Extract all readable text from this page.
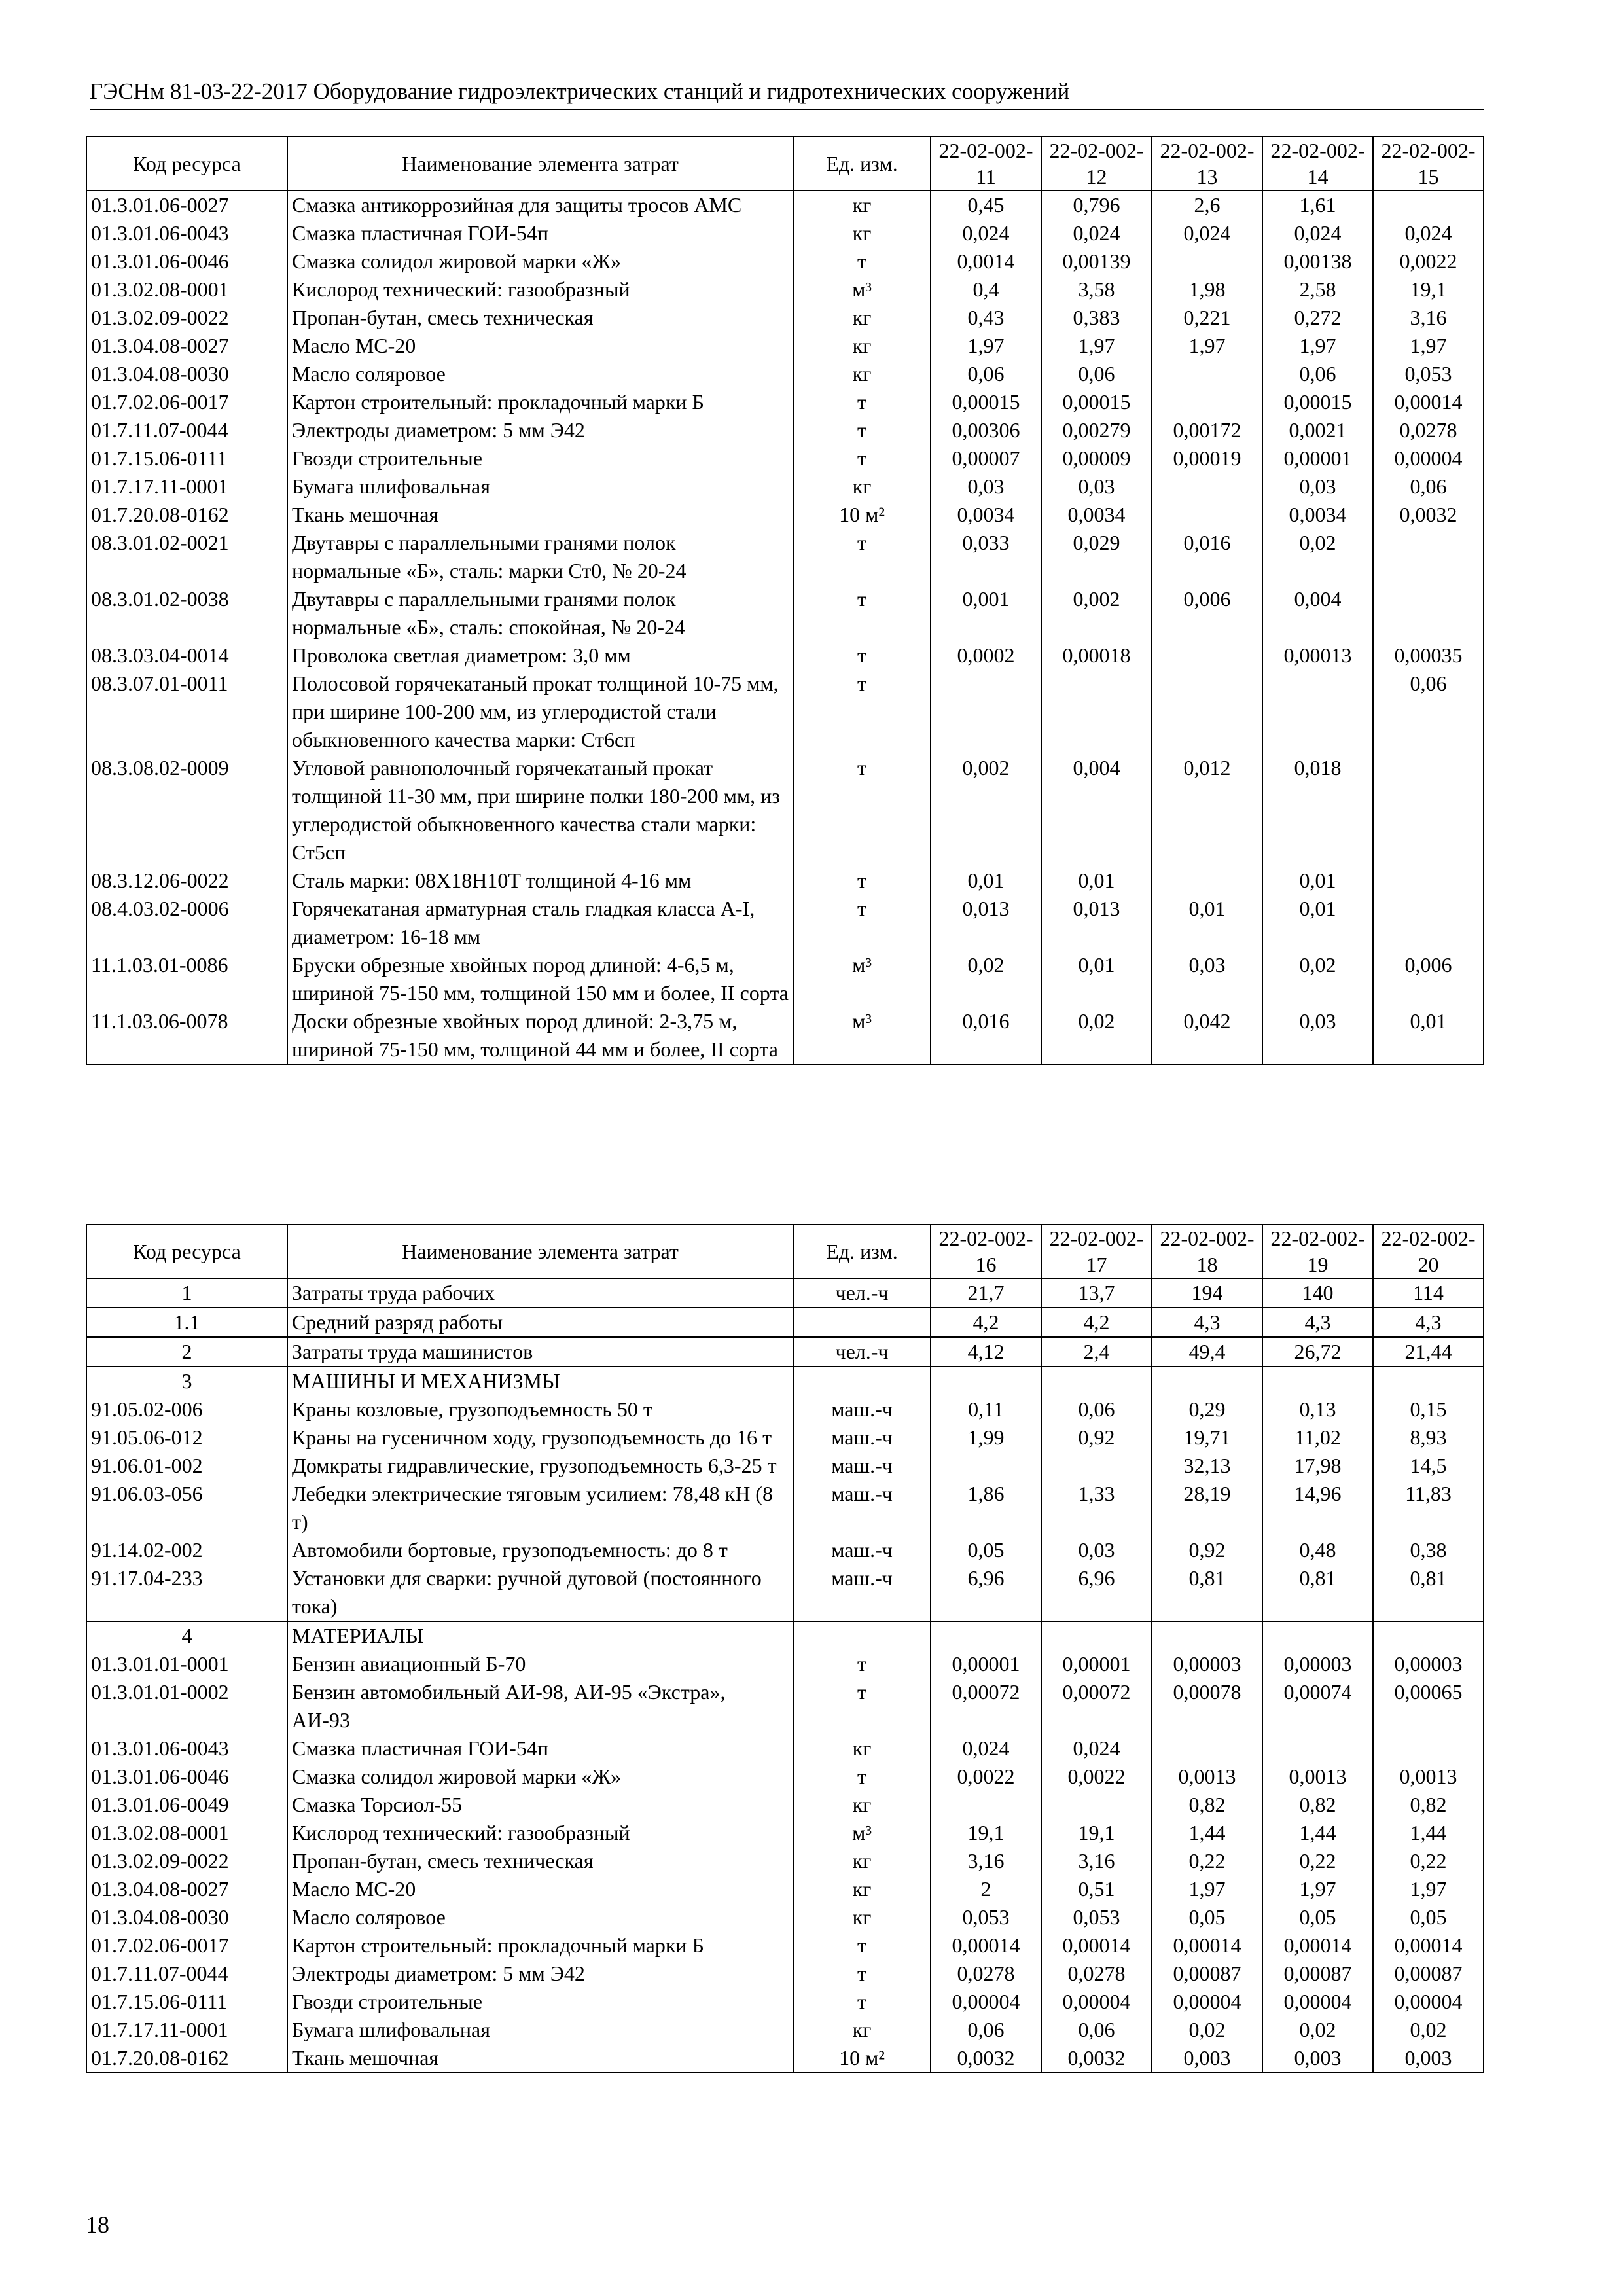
ГЭСНм 81-03-22-2017 Оборудование гидроэлектрических станций и гидротехнических сооружений
Код ресурса	Наименование элемента затрат	Ед. изм.	22-02-002-11	22-02-002-12	22-02-002-13	22-02-002-14	22-02-002-15
01.3.01.06-0027	Смазка антикоррозийная для защиты тросов АМС	кг	0,45	0,796	2,6	1,61	
01.3.01.06-0043	Смазка пластичная ГОИ-54п	кг	0,024	0,024	0,024	0,024	0,024
01.3.01.06-0046	Смазка солидол жировой марки «Ж»	т	0,0014	0,00139		0,00138	0,0022
01.3.02.08-0001	Кислород технический: газообразный	м³	0,4	3,58	1,98	2,58	19,1
01.3.02.09-0022	Пропан-бутан, смесь техническая	кг	0,43	0,383	0,221	0,272	3,16
01.3.04.08-0027	Масло МС-20	кг	1,97	1,97	1,97	1,97	1,97
01.3.04.08-0030	Масло соляровое	кг	0,06	0,06		0,06	0,053
01.7.02.06-0017	Картон строительный: прокладочный марки Б	т	0,00015	0,00015		0,00015	0,00014
01.7.11.07-0044	Электроды диаметром: 5 мм Э42	т	0,00306	0,00279	0,00172	0,0021	0,0278
01.7.15.06-0111	Гвозди строительные	т	0,00007	0,00009	0,00019	0,00001	0,00004
01.7.17.11-0001	Бумага шлифовальная	кг	0,03	0,03		0,03	0,06
01.7.20.08-0162	Ткань мешочная	10 м²	0,0034	0,0034		0,0034	0,0032
08.3.01.02-0021	Двутавры с параллельными гранями полок нормальные «Б», сталь: марки Ст0, № 20-24	т	0,033	0,029	0,016	0,02	
08.3.01.02-0038	Двутавры с параллельными гранями полок нормальные «Б», сталь: спокойная, № 20-24	т	0,001	0,002	0,006	0,004	
08.3.03.04-0014	Проволока светлая диаметром: 3,0 мм	т	0,0002	0,00018		0,00013	0,00035
08.3.07.01-0011	Полосовой горячекатаный прокат толщиной 10-75 мм, при ширине 100-200 мм, из углеродистой стали обыкновенного качества марки: Ст6сп	т					0,06
08.3.08.02-0009	Угловой равнополочный горячекатаный прокат толщиной 11-30 мм, при ширине полки 180-200 мм, из углеродистой обыкновенного качества стали марки: Ст5сп	т	0,002	0,004	0,012	0,018	
08.3.12.06-0022	Сталь марки: 08Х18Н10Т толщиной 4-16 мм	т	0,01	0,01		0,01	
08.4.03.02-0006	Горячекатаная арматурная сталь гладкая класса А-I, диаметром: 16-18 мм	т	0,013	0,013	0,01	0,01	
11.1.03.01-0086	Бруски обрезные хвойных пород длиной: 4-6,5 м, шириной 75-150 мм, толщиной 150 мм и более, II сорта	м³	0,02	0,01	0,03	0,02	0,006
11.1.03.06-0078	Доски обрезные хвойных пород длиной: 2-3,75 м, шириной 75-150 мм, толщиной 44 мм и более, II сорта	м³	0,016	0,02	0,042	0,03	0,01
Код ресурса	Наименование элемента затрат	Ед. изм.	22-02-002-16	22-02-002-17	22-02-002-18	22-02-002-19	22-02-002-20
1	Затраты труда рабочих	чел.-ч	21,7	13,7	194	140	114
1.1	Средний разряд работы		4,2	4,2	4,3	4,3	4,3
2	Затраты труда машинистов	чел.-ч	4,12	2,4	49,4	26,72	21,44
3	МАШИНЫ И МЕХАНИЗМЫ						
91.05.02-006	Краны козловые, грузоподъемность 50 т	маш.-ч	0,11	0,06	0,29	0,13	0,15
91.05.06-012	Краны на гусеничном ходу, грузоподъемность до 16 т	маш.-ч	1,99	0,92	19,71	11,02	8,93
91.06.01-002	Домкраты гидравлические, грузоподъемность 6,3-25 т	маш.-ч			32,13	17,98	14,5
91.06.03-056	Лебедки электрические тяговым усилием: 78,48 кН (8 т)	маш.-ч	1,86	1,33	28,19	14,96	11,83
91.14.02-002	Автомобили бортовые, грузоподъемность: до 8 т	маш.-ч	0,05	0,03	0,92	0,48	0,38
91.17.04-233	Установки для сварки: ручной дуговой (постоянного тока)	маш.-ч	6,96	6,96	0,81	0,81	0,81
4	МАТЕРИАЛЫ						
01.3.01.01-0001	Бензин авиационный Б-70	т	0,00001	0,00001	0,00003	0,00003	0,00003
01.3.01.01-0002	Бензин автомобильный АИ-98, АИ-95 «Экстра», АИ-93	т	0,00072	0,00072	0,00078	0,00074	0,00065
01.3.01.06-0043	Смазка пластичная ГОИ-54п	кг	0,024	0,024			
01.3.01.06-0046	Смазка солидол жировой марки «Ж»	т	0,0022	0,0022	0,0013	0,0013	0,0013
01.3.01.06-0049	Смазка Торсиол-55	кг			0,82	0,82	0,82
01.3.02.08-0001	Кислород технический: газообразный	м³	19,1	19,1	1,44	1,44	1,44
01.3.02.09-0022	Пропан-бутан, смесь техническая	кг	3,16	3,16	0,22	0,22	0,22
01.3.04.08-0027	Масло МС-20	кг	2	0,51	1,97	1,97	1,97
01.3.04.08-0030	Масло соляровое	кг	0,053	0,053	0,05	0,05	0,05
01.7.02.06-0017	Картон строительный: прокладочный марки Б	т	0,00014	0,00014	0,00014	0,00014	0,00014
01.7.11.07-0044	Электроды диаметром: 5 мм Э42	т	0,0278	0,0278	0,00087	0,00087	0,00087
01.7.15.06-0111	Гвозди строительные	т	0,00004	0,00004	0,00004	0,00004	0,00004
01.7.17.11-0001	Бумага шлифовальная	кг	0,06	0,06	0,02	0,02	0,02
01.7.20.08-0162	Ткань мешочная	10 м²	0,0032	0,0032	0,003	0,003	0,003
18
